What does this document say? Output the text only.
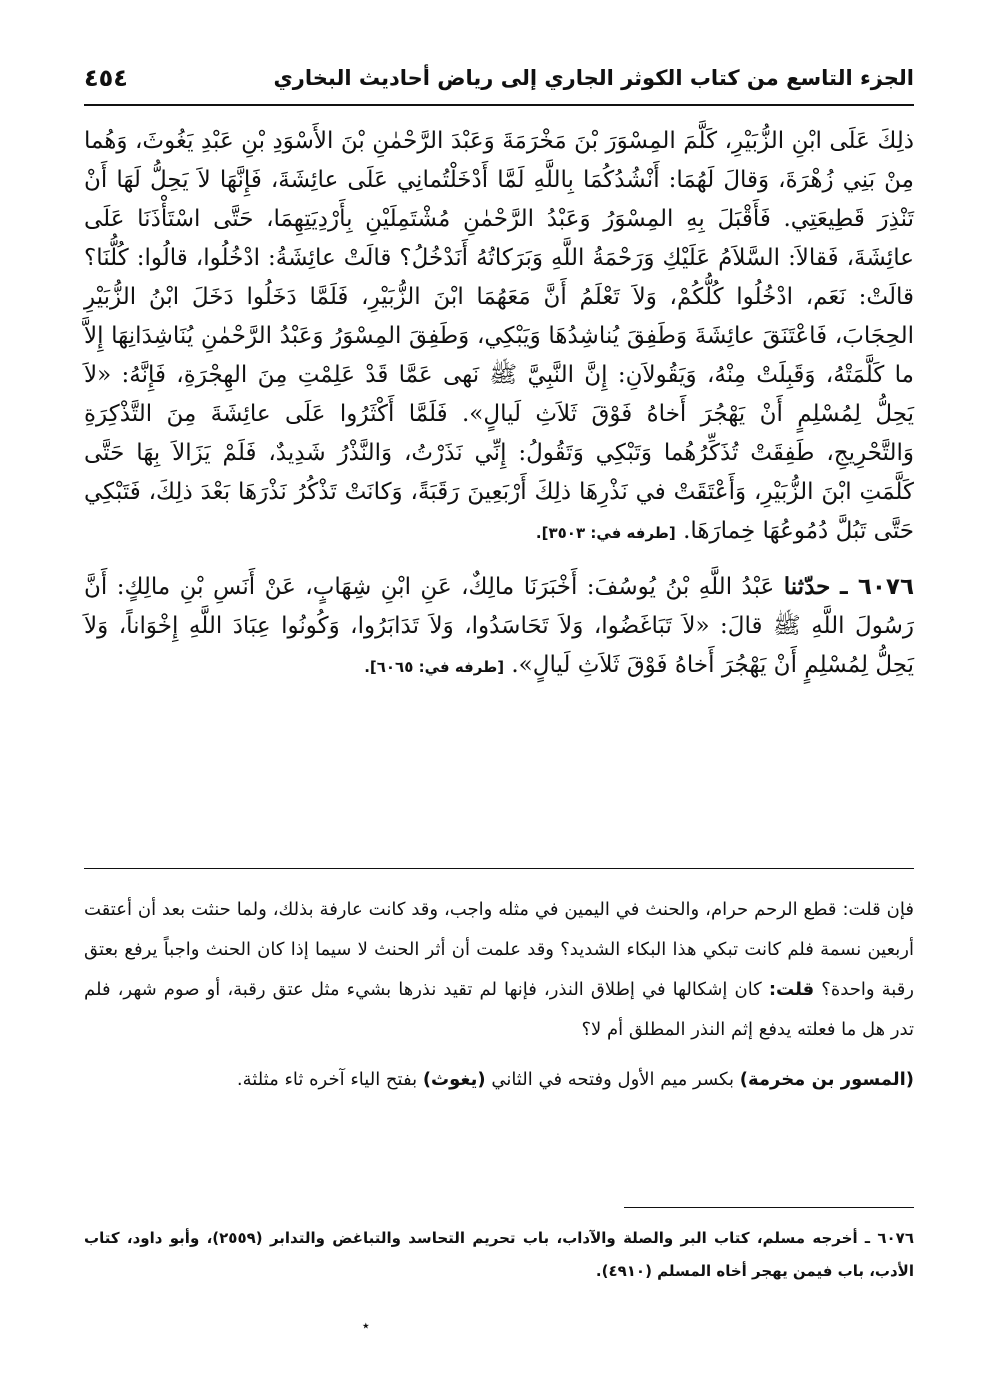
الجزء التاسع من كتاب الكوثر الجاري إلى رياض أحاديث البخاري
٤٥٤

ذلِكَ عَلَى ابْنِ الزُّبَيْرِ، كَلَّمَ المِسْوَرَ بْنَ مَخْرَمَةَ وَعَبْدَ الرَّحْمٰنِ بْنَ الأَسْوَدِ بْنِ عَبْدِ يَغُوثَ، وَهُما مِنْ بَنِي زُهْرَةَ، وَقالَ لَهُمَا: أَنْشُدُكُمَا بِاللَّهِ لَمَّا أَدْخَلْتُمانِي عَلَى عائِشَةَ، فَإِنَّهَا لاَ يَحِلُّ لَهَا أَنْ تَنْذِرَ قَطِيعَتِي. فَأَقْبَلَ بِهِ المِسْوَرُ وَعَبْدُ الرَّحْمٰنِ مُشْتَمِلَيْنِ بِأَرْدِيَتِهِمَا، حَتَّى اسْتَأْذَنَا عَلَى عائِشَةَ، فَقالاَ: السَّلاَمُ عَلَيْكِ وَرَحْمَةُ اللَّهِ وَبَرَكاتُهُ أَنَدْخُلُ؟ قالَتْ عائِشَةُ: ادْخُلُوا، قالُوا: كُلُّنَا؟ قالَتْ: نَعَم، ادْخُلُوا كُلُّكُمْ، وَلاَ تَعْلَمُ أَنَّ مَعَهُمَا ابْنَ الزُّبَيْرِ، فَلَمَّا دَخَلُوا دَخَلَ ابْنُ الزُّبَيْرِ الحِجَابَ، فَاعْتَنَقَ عائِشَةَ وَطَفِقَ يُناشِدُهَا وَيَبْكِي، وَطَفِقَ المِسْوَرُ وَعَبْدُ الرَّحْمٰنِ يُنَاشِدَانِهَا إِلاَّ ما كَلَّمَتْهُ، وَقَبِلَتْ مِنْهُ، وَيَقُولاَنِ: إِنَّ النَّبِيَّ ﷺ نَهى عَمَّا قَدْ عَلِمْتِ مِنَ الهِجْرَةِ، فَإِنَّهُ: «لاَ يَحِلُّ لِمُسْلِمٍ أَنْ يَهْجُرَ أَخاهُ فَوْقَ ثَلاَثِ لَيالٍ». فَلَمَّا أَكْثَرُوا عَلَى عائِشَةَ مِنَ التَّذْكِرَةِ وَالتَّحْرِيجِ، طَفِقَتْ تُذَكِّرُهُما وَتَبْكِي وَتَقُولُ: إِنِّي نَذَرْتُ، وَالنَّذْرُ شَدِيدٌ، فَلَمْ يَزَالاَ بِهَا حَتَّى كَلَّمَتِ ابْنَ الزُّبَيْرِ، وَأَعْتَقَتْ في نَذْرِهَا ذلِكَ أَرْبَعِينَ رَقَبَةً، وَكانَتْ تَذْكُرُ نَذْرَهَا بَعْدَ ذلِكَ، فَتَبْكِي حَتَّى تَبُلَّ دُمُوعُهَا خِمارَهَا. [طرفه في: ٣٥٠٣].

٦٠٧٦ ـ حدّثنا عَبْدُ اللَّهِ بْنُ يُوسُفَ: أَخْبَرَنَا مالِكٌ، عَنِ ابْنِ شِهَابٍ، عَنْ أَنَسِ بْنِ مالِكٍ: أَنَّ رَسُولَ اللَّهِ ﷺ قالَ: «لاَ تَبَاغَضُوا، وَلاَ تَحَاسَدُوا، وَلاَ تَدَابَرُوا، وَكُونُوا عِبَادَ اللَّهِ إِخْوَاناً، وَلاَ يَحِلُّ لِمُسْلِمٍ أَنْ يَهْجُرَ أَخاهُ فَوْقَ ثَلاَثِ لَيالٍ». [طرفه في: ٦٠٦٥].

فإن قلت: قطع الرحم حرام، والحنث في اليمين في مثله واجب، وقد كانت عارفة بذلك، ولما حنثت بعد أن أعتقت أربعين نسمة فلم كانت تبكي هذا البكاء الشديد؟ وقد علمت أن أثر الحنث لا سيما إذا كان الحنث واجباً يرفع بعتق رقبة واحدة؟ قلت: كان إشكالها في إطلاق النذر، فإنها لم تقيد نذرها بشيء مثل عتق رقبة، أو صوم شهر، فلم تدر هل ما فعلته يدفع إثم النذر المطلق أم لا؟

(المسور بن مخرمة) بكسر ميم الأول وفتحه في الثاني (يغوث) بفتح الياء آخره ثاء مثلثة.

٦٠٧٦ ـ أخرجه مسلم، كتاب البر والصلة والآداب، باب تحريم التحاسد والتباغض والتدابر (٢٥٥٩)، وأبو داود، كتاب الأدب، باب فيمن يهجر أخاه المسلم (٤٩١٠).

٭
